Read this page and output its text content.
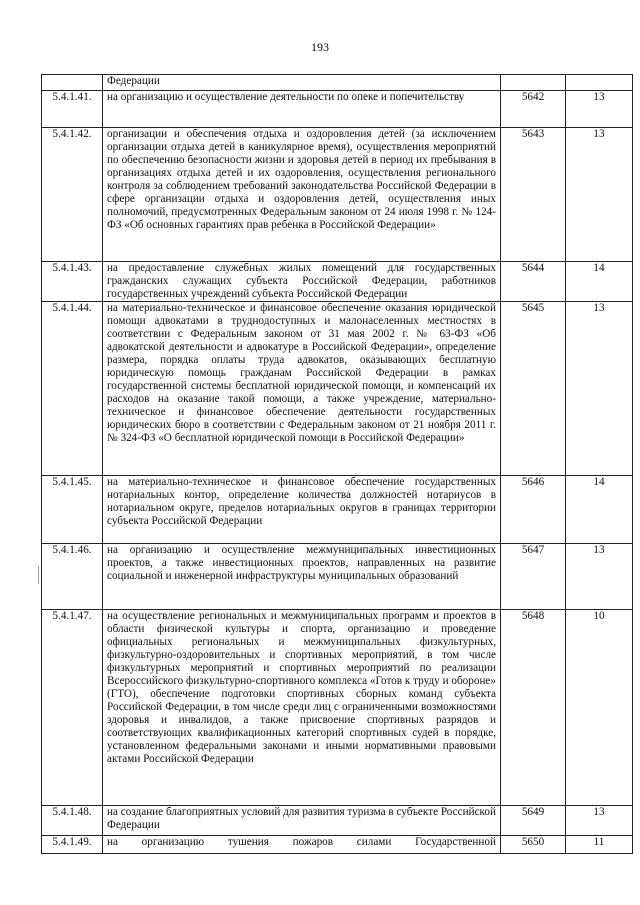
193
	Федерации		
5.4.1.41.	на организацию и осуществление деятельности по опеке и попечительству	5642	13
5.4.1.42.	организации и обеспечения отдыха и оздоровления детей (за исключением организации отдыха детей в каникулярное время), осуществления мероприятий по обеспечению безопасности жизни и здоровья детей в период их пребывания в организациях отдыха детей и их оздоровления, осуществления регионального контроля за соблюдением требований законодательства Российской Федерации в сфере организации отдыха и оздоровления детей, осуществления иных полномочий, предусмотренных Федеральным законом от 24 июля 1998 г. № 124-ФЗ «Об основных гарантиях прав ребенка в Российской Федерации»	5643	13
5.4.1.43.	на предоставление служебных жилых помещений для государственных гражданских служащих субъекта Российской Федерации, работников государственных учреждений субъекта Российской Федерации	5644	14
5.4.1.44.	на материально-техническое и финансовое обеспечение оказания юридической помощи адвокатами в труднодоступных и малонаселенных местностях в соответствии с Федеральным законом от 31 мая 2002 г. № 63-ФЗ «Об адвокатской деятельности и адвокатуре в Российской Федерации», определение размера, порядка оплаты труда адвокатов, оказывающих бесплатную юридическую помощь гражданам Российской Федерации в рамках государственной системы бесплатной юридической помощи, и компенсаций их расходов на оказание такой помощи, а также учреждение, материально-техническое и финансовое обеспечение деятельности государственных юридических бюро в соответствии с Федеральным законом от 21 ноября 2011 г. № 324-ФЗ «О бесплатной юридической помощи в Российской Федерации»	5645	13
5.4.1.45.	на материально-техническое и финансовое обеспечение государственных нотариальных контор, определение количества должностей нотариусов в нотариальном округе, пределов нотариальных округов в границах территории субъекта Российской Федерации	5646	14
5.4.1.46.	на организацию и осуществление межмуниципальных инвестиционных проектов, а также инвестиционных проектов, направленных на развитие социальной и инженерной инфраструктуры муниципальных образований	5647	13
5.4.1.47.	на осуществление региональных и межмуниципальных программ и проектов в области физической культуры и спорта, организацию и проведение официальных региональных и межмуниципальных физкультурных, физкультурно-оздоровительных и спортивных мероприятий, в том числе физкультурных мероприятий и спортивных мероприятий по реализации Всероссийского физкультурно-спортивного комплекса «Готов к труду и обороне» (ГТО), обеспечение подготовки спортивных сборных команд субъекта Российской Федерации, в том числе среди лиц с ограниченными возможностями здоровья и инвалидов, а также присвоение спортивных разрядов и соответствующих квалификационных категорий спортивных судей в порядке, установленном федеральными законами и иными нормативными правовыми актами Российской Федерации	5648	10
5.4.1.48.	на создание благоприятных условий для развития туризма в субъекте Российской Федерации	5649	13
5.4.1.49.	на организацию тушения пожаров силами Государственной	5650	11
